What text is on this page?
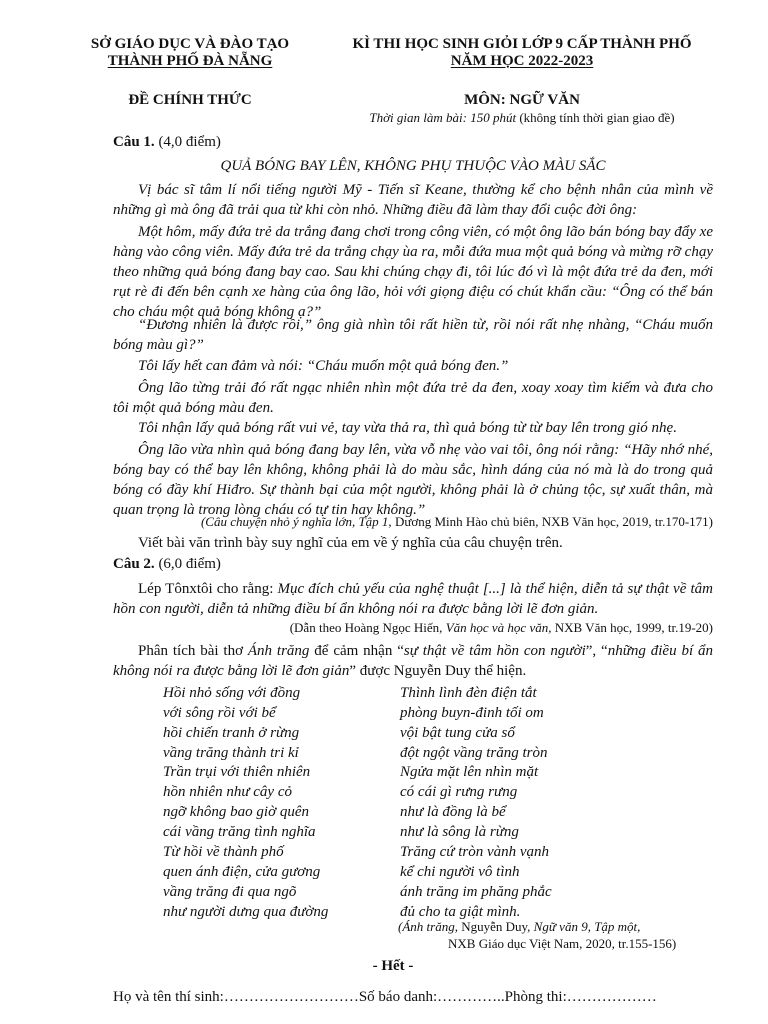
SỞ GIÁO DỤC VÀ ĐÀO TẠO
THÀNH PHỐ ĐÀ NẴNG
KÌ THI HỌC SINH GIỎI LỚP 9 CẤP THÀNH PHỐ
NĂM HỌC 2022-2023
ĐỀ CHÍNH THỨC	MÔN: NGỮ VĂN
Thời gian làm bài: 150 phút (không tính thời gian giao đề)
Câu 1. (4,0 điểm)
QUẢ BÓNG BAY LÊN, KHÔNG PHỤ THUỘC VÀO MÀU SẮC
Vị bác sĩ tâm lí nổi tiếng người Mỹ - Tiến sĩ Keane, thường kể cho bệnh nhân của mình về những gì mà ông đã trải qua từ khi còn nhỏ. Những điều đã làm thay đổi cuộc đời ông:
Một hôm, mấy đứa trẻ da trắng đang chơi trong công viên, có một ông lão bán bóng bay đẩy xe hàng vào công viên. Mấy đứa trẻ da trắng chạy ùa ra, mỗi đứa mua một quả bóng và mừng rỡ chạy theo những quả bóng đang bay cao. Sau khi chúng chạy đi, tôi lúc đó vì là một đứa trẻ da đen, mới rụt rè đi đến bên cạnh xe hàng của ông lão, hỏi với giọng điệu có chút khẩn cầu: “Ông có thể bán cho cháu một quả bóng không ạ?”
“Đương nhiên là được rồi,” ông già nhìn tôi rất hiền từ, rồi nói rất nhẹ nhàng, “Cháu muốn bóng màu gì?”
Tôi lấy hết can đảm và nói: “Cháu muốn một quả bóng đen.”
Ông lão từng trải đó rất ngạc nhiên nhìn một đứa trẻ da đen, xoay xoay tìm kiếm và đưa cho tôi một quả bóng màu đen.
Tôi nhận lấy quả bóng rất vui vẻ, tay vừa thả ra, thì quả bóng từ từ bay lên trong gió nhẹ.
Ông lão vừa nhìn quả bóng đang bay lên, vừa vỗ nhẹ vào vai tôi, ông nói rằng: “Hãy nhớ nhé, bóng bay có thể bay lên không, không phải là do màu sắc, hình dáng của nó mà là do trong quả bóng có đầy khí Hiđro. Sự thành bại của một người, không phải là ở chủng tộc, sự xuất thân, mà quan trọng là trong lòng cháu có tự tin hay không.”
(Câu chuyện nhỏ ý nghĩa lớn, Tập 1, Dương Minh Hào chủ biên, NXB Văn học, 2019, tr.170-171)
Viết bài văn trình bày suy nghĩ của em về ý nghĩa của câu chuyện trên.
Câu 2. (6,0 điểm)
Lép Tônxtôi cho rằng: Mục đích chủ yếu của nghệ thuật [...] là thể hiện, diễn tả sự thật về tâm hồn con người, diễn tả những điều bí ẩn không nói ra được bằng lời lẽ đơn giản.
(Dẫn theo Hoàng Ngọc Hiến, Văn học và học văn, NXB Văn học, 1999, tr.19-20)
Phân tích bài thơ Ánh trăng để cảm nhận “sự thật về tâm hồn con người”, “những điều bí ẩn không nói ra được bằng lời lẽ đơn giản” được Nguyễn Duy thể hiện.
Hồi nhỏ sống với đồng
với sông rồi với bể
hồi chiến tranh ở rừng
vầng trăng thành tri kỉ
Trần trụi với thiên nhiên
hồn nhiên như cây cỏ
ngỡ không bao giờ quên
cái vầng trăng tình nghĩa
Từ hồi về thành phố
quen ánh điện, cửa gương
vầng trăng đi qua ngõ
như người dưng qua đường
Thình lình đèn điện tắt
phòng buyn-đinh tối om
vội bật tung cửa sổ
đột ngột vầng trăng tròn
Ngửa mặt lên nhìn mặt
có cái gì rưng rưng
như là đồng là bể
như là sông là rừng
Trăng cứ tròn vành vạnh
kể chi người vô tình
ánh trăng im phăng phắc
đủ cho ta giật mình.
(Ánh trăng, Nguyễn Duy, Ngữ văn 9, Tập một,
NXB Giáo dục Việt Nam, 2020, tr.155-156)
- Hết -
Họ và tên thí sinh:………………………Số báo danh:…………..Phòng thi:………………
